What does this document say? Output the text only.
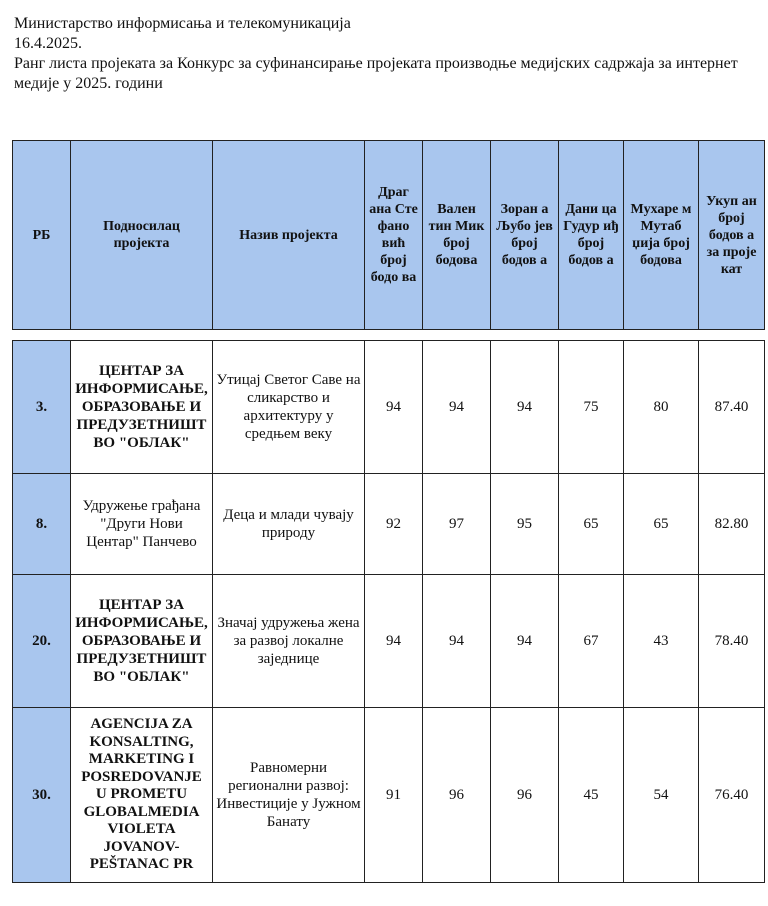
Министарство информисања и телекомуникација
16.4.2025.
Ранг листа пројеката за Конкурс за суфинансирање пројеката производње медијских садржаја за интернет медије у 2025. години
РБ	Подносилац пројекта	Назив пројекта	Драг ана Сте фано вић број бодо ва	Вален тин Мик број бодова	Зоран а Љубо јев број бодов а	Дани ца Гудур иђ број бодов а	Мухаре м Мутаб џија број бодова	Укуп ан број бодов а за проје кат

3.	ЦЕНТАР ЗА ИНФОРМИСАЊЕ, ОБРАЗОВАЊЕ И ПРЕДУЗЕТНИШТВО "ОБЛАК"	Утицај Светог Саве на сликарство и архитектуру у средњем веку	94	94	94	75	80	87.40
8.	Удружење грађана "Други Нови Центар" Панчево	Деца и млади чувају природу	92	97	95	65	65	82.80
20.	ЦЕНТАР ЗА ИНФОРМИСАЊЕ, ОБРАЗОВАЊЕ И ПРЕДУЗЕТНИШТВО "ОБЛАК"	Значај удружења жена за развој локалне заједнице	94	94	94	67	43	78.40
30.	AGENCIJA ZA KONSALTING, MARKETING I POSREDOVANJE U PROMETU GLOBALMEDIA VIOLETA JOVANOV-PEŠTANAC PR	Равномерни регионални развој: Инвестиције у Јужном Банату	91	96	96	45	54	76.40
